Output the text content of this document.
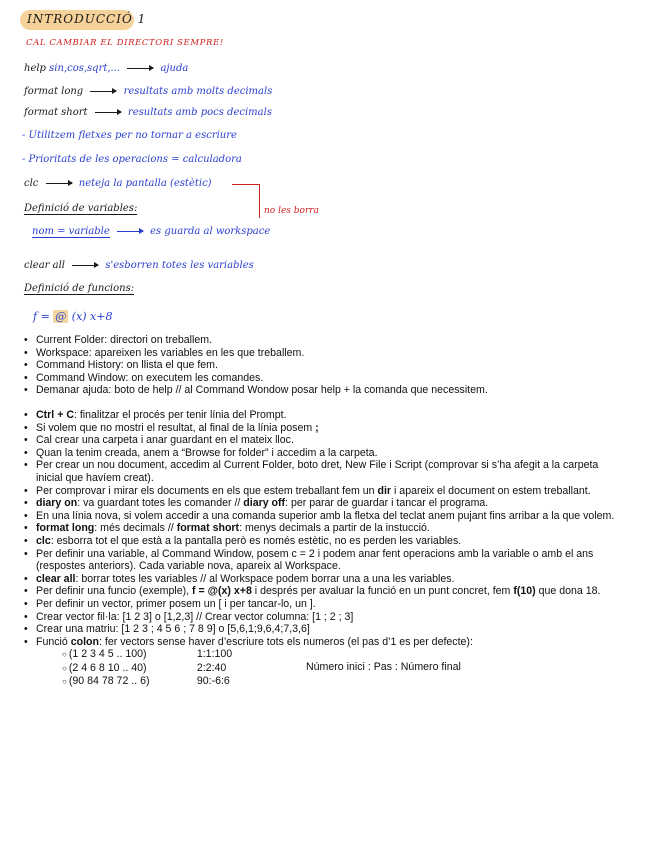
INTRODUCCIÓ 1
CAL CAMBIAR EL DIRECTORI SEMPRE!
help sin,cos,sqrt,...	ajuda
format long	resultats amb molts decimals
format short	resultats amb pocs decimals
- Utilitzem fletxes per no tornar a escriure
- Prioritats de les operacions = calculadora
clc	neteja la pantalla (estètic)
no les borra
Definició de variables:
nom = variable	es guarda al workspace
clear all	s'esborren totes les variables
Definició de funcions:
f = @ (x) x+8
• Current Folder: directori on treballem.
• Workspace: apareixen les variables en les que treballem.
• Command History: on llista el que fem.
• Command Window: on executem les comandes.
• Demanar ajuda: boto de help // al Command Wondow posar help + la comanda que necessitem.
• Ctrl + C: finalitzar el procés per tenir línia del Prompt.
• Si volem que no mostri el resultat, al final de la línia posem ;
• Cal crear una carpeta i anar guardant en el mateix lloc.
• Quan la tenim creada, anem a “Browse for folder” i accedim a la carpeta.
• Per crear un nou document, accedim al Current Folder, boto dret, New File i Script (comprovar si s’ha afegit a la carpeta inicial que havíem creat).
• Per comprovar i mirar els documents en els que estem treballant fem un dir i apareix el document on estem treballant.
• diary on: va guardant totes les comander // diary off: per parar de guardar i tancar el programa.
• En una línia nova, si volem accedir a una comanda superior amb la fletxa del teclat anem pujant fins arribar a la que volem.
• format long: més decimals // format short: menys decimals a partir de la instucció.
• clc: esborra tot el que està a la pantalla però es només estètic, no es perden les variables.
• Per definir una variable, al Command Window, posem c = 2 i podem anar fent operacions amb la variable o amb el ans (respostes anteriors). Cada variable nova, apareix al Workspace.
• clear all: borrar totes les variables // al Workspace podem borrar una a una les variables.
• Per definir una funcio (exemple), f = @(x) x+8 i després per avaluar la funció en un punt concret, fem f(10) que dona 18.
• Per definir un vector, primer posem un [ i per tancar-lo, un ].
• Crear vector fil·la: [1 2 3] o [1,2,3] // Crear vector columna: [1 ; 2 ; 3]
• Crear una matriu: [1 2 3 ; 4 5 6 ; 7 8 9] o [5,6,1;9,6,4;7,3,6]
• Funció colon: fer vectors sense haver d’escriure tots els numeros (el pas d’1 es per defecte):
○ (1 2 3 4 5 .. 100)	1:1:100
○ (2 4 6 8 10 .. 40)	2:2:40
○ (90 84 78 72 .. 6)	90:-6:6
Número inici : Pas : Número final
